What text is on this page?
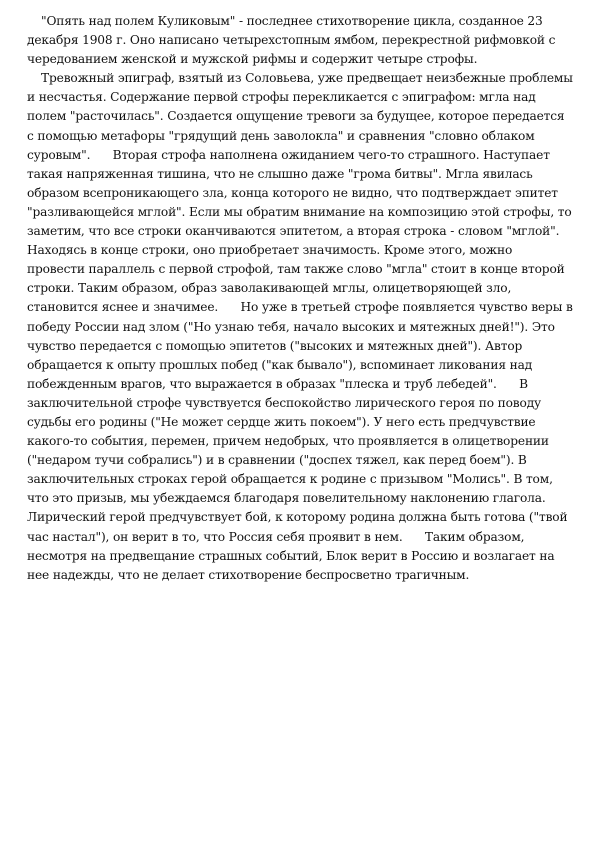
"Опять над полем Куликовым" - последнее стихотворение цикла, созданное 23 декабря 1908 г. Оно написано четырехстопным ямбом, перекрестной рифмовкой с чередованием женской и мужской рифмы и содержит четыре строфы.

Тревожный эпиграф, взятый из Соловьева, уже предвещает неизбежные проблемы и несчастья. Содержание первой строфы перекликается с эпиграфом: мгла над полем "расточилась". Создается ощущение тревоги за будущее, которое передается с помощью метафоры "грядущий день заволокла" и сравнения "словно облаком суровым".      Вторая строфа наполнена ожиданием чего-то страшного. Наступает такая напряженная тишина, что не слышно даже "грома битвы". Мгла явилась образом всепроникающего зла, конца которого не видно, что подтверждает эпитет "разливающейся мглой". Если мы обратим внимание на композицию этой строфы, то заметим, что все строки оканчиваются эпитетом, а вторая строка - словом "мглой". Находясь в конце строки, оно приобретает значимость. Кроме этого, можно провести параллель с первой строфой, там также слово "мгла" стоит в конце второй строки. Таким образом, образ заволакивающей мглы, олицетворяющей зло, становится яснее и значимее.      Но уже в третьей строфе появляется чувство веры в победу России над злом ("Но узнаю тебя, начало высоких и мятежных дней!"). Это чувство передается с помощью эпитетов ("высоких и мятежных дней"). Автор обращается к опыту прошлых побед ("как бывало"), вспоминает ликования над побежденным врагов, что выражается в образах "плеска и труб лебедей".      В заключительной строфе чувствуется беспокойство лирического героя по поводу судьбы его родины ("Не может сердце жить покоем"). У него есть предчувствие какого-то события, перемен, причем недобрых, что проявляется в олицетворении ("недаром тучи собрались") и в сравнении ("доспех тяжел, как перед боем"). В заключительных строках герой обращается к родине с призывом "Молись". В том, что это призыв, мы убеждаемся благодаря повелительному наклонению глагола. Лирический герой предчувствует бой, к которому родина должна быть готова ("твой час настал"), он верит в то, что Россия себя проявит в нем.      Таким образом, несмотря на предвещание страшных событий, Блок верит в Россию и возлагает на нее надежды, что не делает стихотворение беспросветно трагичным.
